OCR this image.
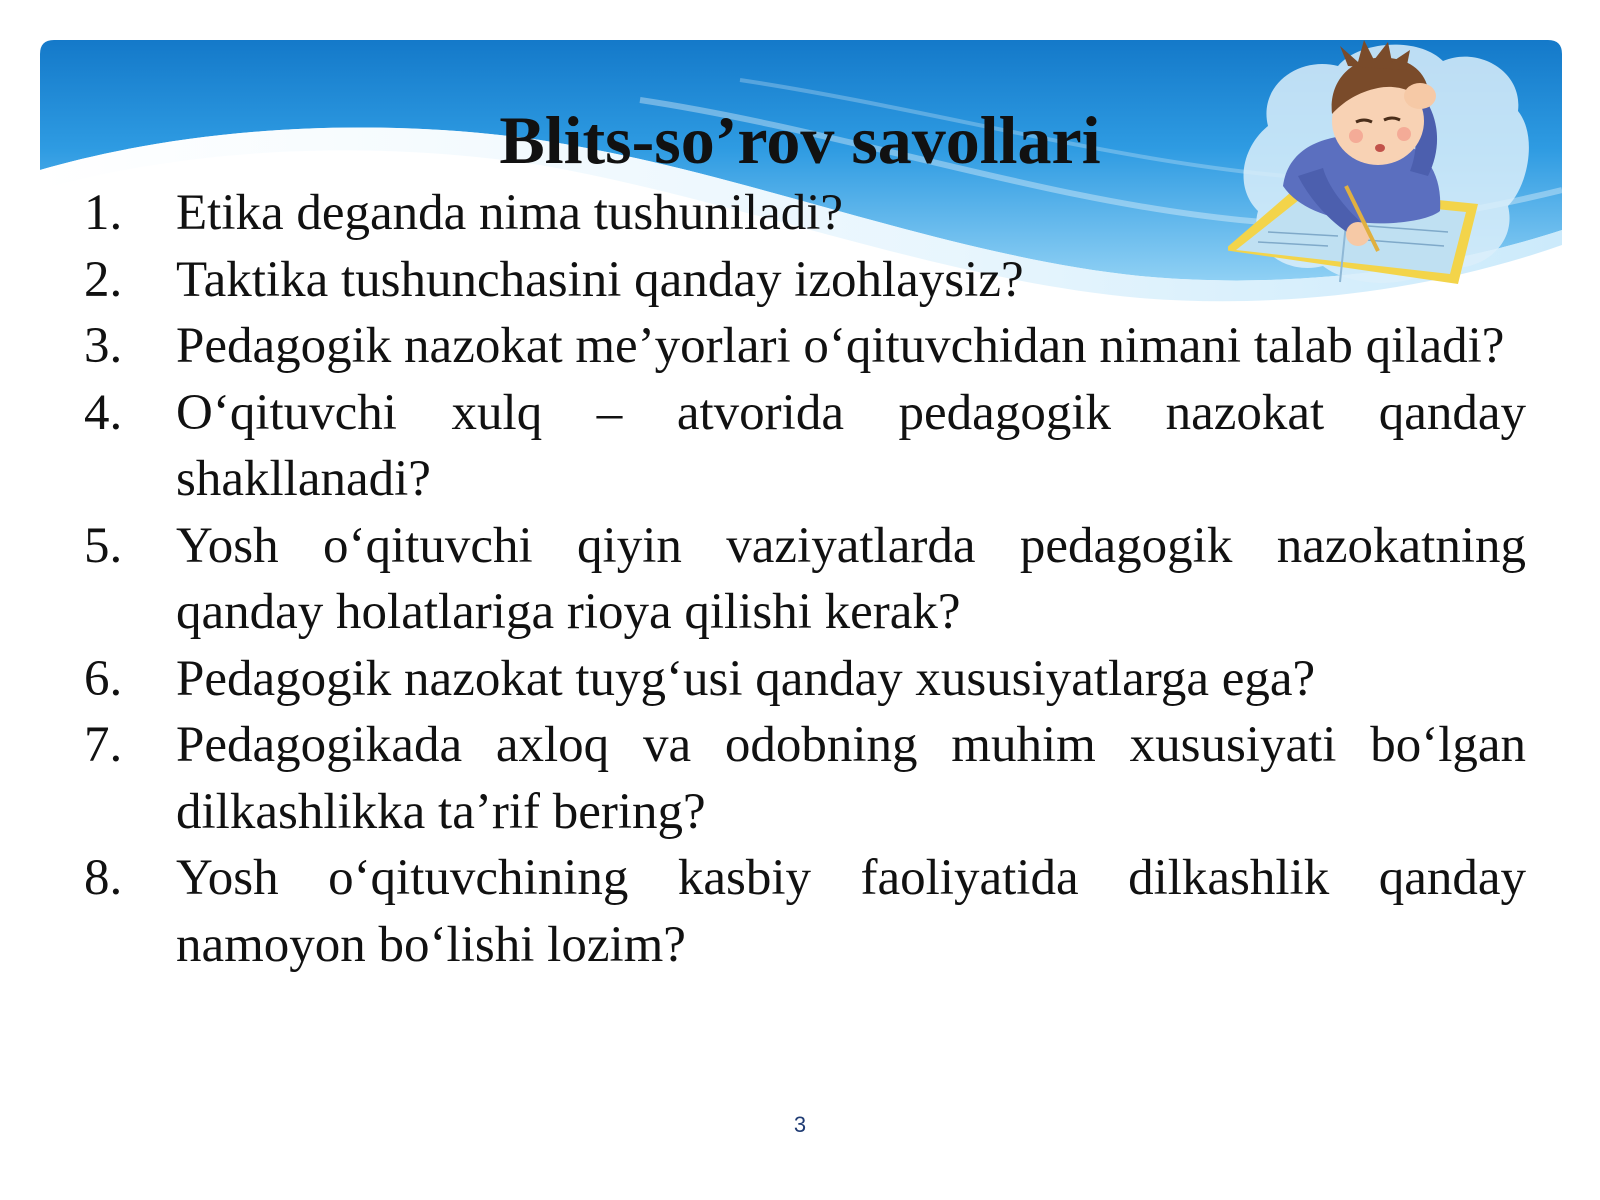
Blits-so’rov savollari
1.	Etika deganda nima tushuniladi?
2.	Taktika tushunchasini qanday izohlaysiz?
3.	Pedagogik nazokat me’yorlari o‘qituvchidan nimani talab qiladi?
4.	O‘qituvchi xulq – atvorida pedagogik nazokat qanday shakllanadi?
5.	Yosh o‘qituvchi qiyin vaziyatlarda pedagogik nazokatning qanday holatlariga rioya qilishi kerak?
6.	Pedagogik nazokat tuyg‘usi qanday xususiyatlarga ega?
7.	Pedagogikada axloq va odobning muhim xususiyati bo‘lgan dilkashlikka ta’rif bering?
8.	Yosh o‘qituvchining kasbiy faoliyatida dilkashlik qanday namoyon bo‘lishi lozim?
3
